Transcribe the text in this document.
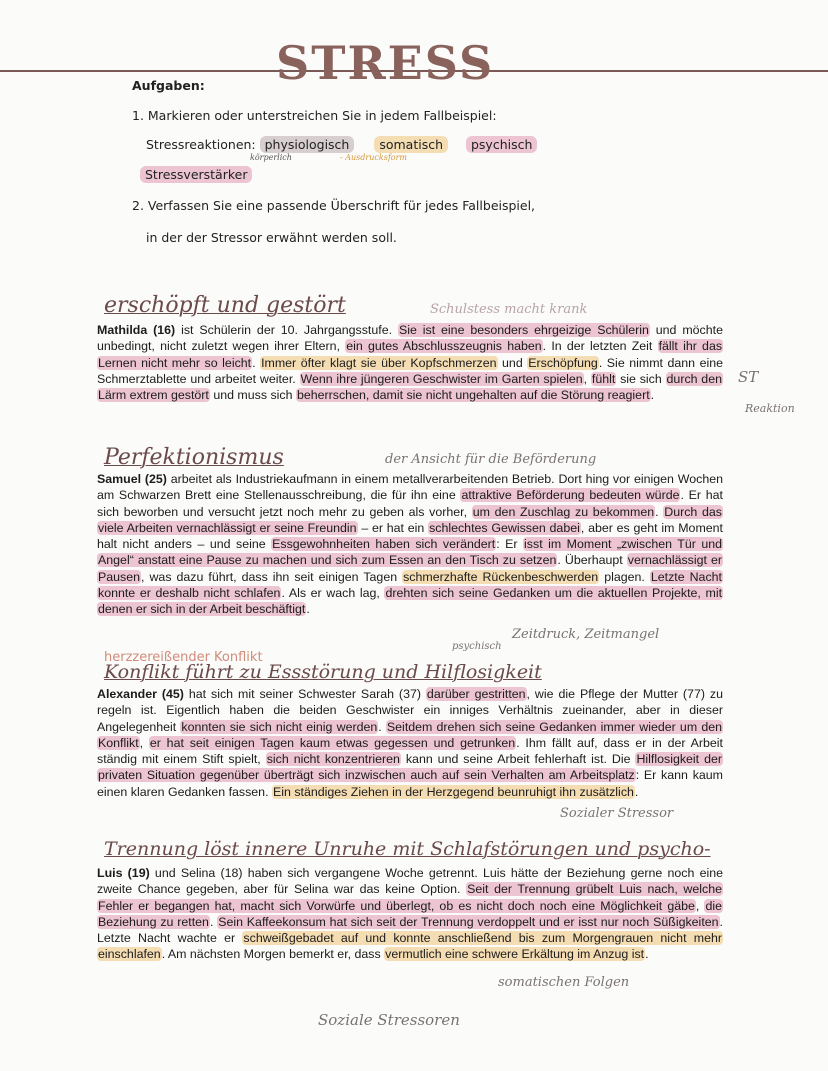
STRESS
Aufgaben:
1. Markieren oder unterstreichen Sie in jedem Fallbeispiel:
Stressreaktionen: physiologisch somatisch psychisch
körperlich	- Ausdrucksform
Stressverstärker
2. Verfassen Sie eine passende Überschrift für jedes Fallbeispiel,
in der der Stressor erwähnt werden soll.
erschöpft und gestört	Schulstess macht krank
ST
Reaktion
Mathilda (16) ist Schülerin der 10. Jahrgangsstufe. Sie ist eine besonders ehrgeizige Schülerin und möchte unbedingt, nicht zuletzt wegen ihrer Eltern, ein gutes Abschlusszeugnis haben. In der letzten Zeit fällt ihr das Lernen nicht mehr so leicht. Immer öfter klagt sie über Kopfschmerzen und Erschöpfung. Sie nimmt dann eine Schmerztablette und arbeitet weiter. Wenn ihre jüngeren Geschwister im Garten spielen, fühlt sie sich durch den Lärm extrem gestört und muss sich beherrschen, damit sie nicht ungehalten auf die Störung reagiert.
Perfektionismus	der Ansicht für die Beförderung
Zeitdruck, Zeitmangel
psychisch
Samuel (25) arbeitet als Industriekaufmann in einem metallverarbeitenden Betrieb. Dort hing vor einigen Wochen am Schwarzen Brett eine Stellenausschreibung, die für ihn eine attraktive Beförderung bedeuten würde. Er hat sich beworben und versucht jetzt noch mehr zu geben als vorher, um den Zuschlag zu bekommen. Durch das viele Arbeiten vernachlässigt er seine Freundin – er hat ein schlechtes Gewissen dabei, aber es geht im Moment halt nicht anders – und seine Essgewohnheiten haben sich verändert: Er isst im Moment „zwischen Tür und Angel“ anstatt eine Pause zu machen und sich zum Essen an den Tisch zu setzen. Überhaupt vernachlässigt er Pausen, was dazu führt, dass ihn seit einigen Tagen schmerzhafte Rückenbeschwerden plagen. Letzte Nacht konnte er deshalb nicht schlafen. Als er wach lag, drehten sich seine Gedanken um die aktuellen Projekte, mit denen er sich in der Arbeit beschäftigt.
herzzereißender Konflikt
Konflikt führt zu Essstörung und Hilflosigkeit
Sozialer Stressor
Alexander (45) hat sich mit seiner Schwester Sarah (37) darüber gestritten, wie die Pflege der Mutter (77) zu regeln ist. Eigentlich haben die beiden Geschwister ein inniges Verhältnis zueinander, aber in dieser Angelegenheit konnten sie sich nicht einig werden. Seitdem drehen sich seine Gedanken immer wieder um den Konflikt, er hat seit einigen Tagen kaum etwas gegessen und getrunken. Ihm fällt auf, dass er in der Arbeit ständig mit einem Stift spielt, sich nicht konzentrieren kann und seine Arbeit fehlerhaft ist. Die Hilflosigkeit der privaten Situation gegenüber überträgt sich inzwischen auch auf sein Verhalten am Arbeitsplatz: Er kann kaum einen klaren Gedanken fassen. Ein ständiges Ziehen in der Herzgegend beunruhigt ihn zusätzlich.
Trennung löst innere Unruhe mit Schlafstörungen und psycho-
somatischen Folgen
Soziale Stressoren
Luis (19) und Selina (18) haben sich vergangene Woche getrennt. Luis hätte der Beziehung gerne noch eine zweite Chance gegeben, aber für Selina war das keine Option. Seit der Trennung grübelt Luis nach, welche Fehler er begangen hat, macht sich Vorwürfe und überlegt, ob es nicht doch noch eine Möglichkeit gäbe, die Beziehung zu retten. Sein Kaffeekonsum hat sich seit der Trennung verdoppelt und er isst nur noch Süßigkeiten. Letzte Nacht wachte er schweißgebadet auf und konnte anschließend bis zum Morgengrauen nicht mehr einschlafen. Am nächsten Morgen bemerkt er, dass vermutlich eine schwere Erkältung im Anzug ist.
